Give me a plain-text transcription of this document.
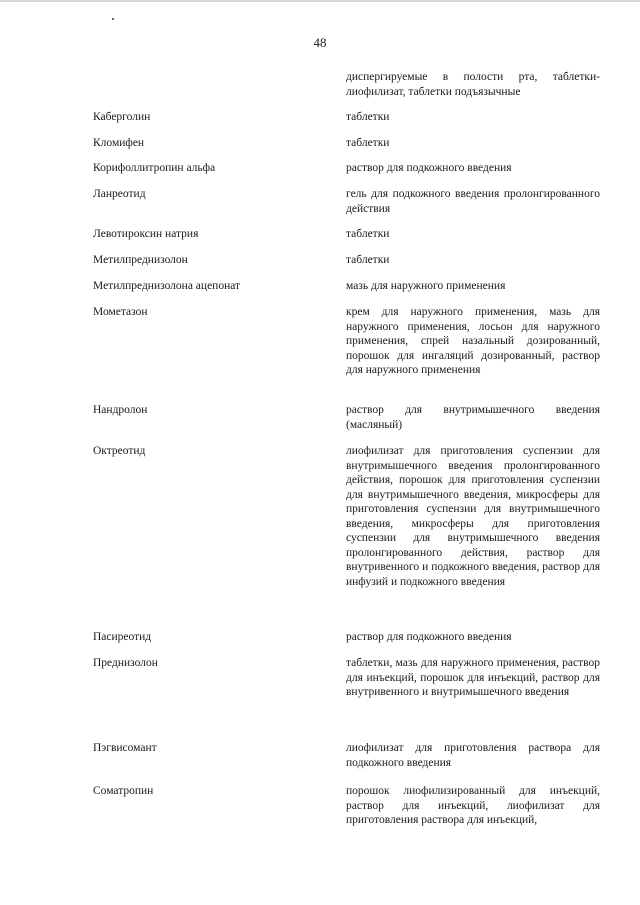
48
диспергируемые в полости рта, таблетки-лиофилизат, таблетки подъязычные
Каберголин	таблетки
Кломифен	таблетки
Корифоллитропин альфа	раствор для подкожного введения
Ланреотид	гель для подкожного введения пролонгированного действия
Левотироксин натрия	таблетки
Метилпреднизолон	таблетки
Метилпреднизолона ацепонат	мазь для наружного применения
Мометазон	крем для наружного применения, мазь для наружного применения, лосьон для наружного применения, спрей назальный дозированный, порошок для ингаляций дозированный, раствор для наружного применения
Нандролон	раствор для внутримышечного введения (масляный)
Октреотид	лиофилизат для приготовления суспензии для внутримышечного введения пролонгированного действия, порошок для приготовления суспензии для внутримышечного введения, микросферы для приготовления суспензии для внутримышечного введения, микросферы для приготовления суспензии для внутримышечного введения пролонгированного действия, раствор для внутривенного и подкожного введения, раствор для инфузий и подкожного введения
Пасиреотид	раствор для подкожного введения
Преднизолон	таблетки, мазь для наружного применения, раствор для инъекций, порошок для инъекций, раствор для внутривенного и внутримышечного введения
Пэгвисомант	лиофилизат для приготовления раствора для подкожного введения
Соматропин	порошок лиофилизированный для инъекций, раствор для инъекций, лиофилизат для приготовления раствора для инъекций,
